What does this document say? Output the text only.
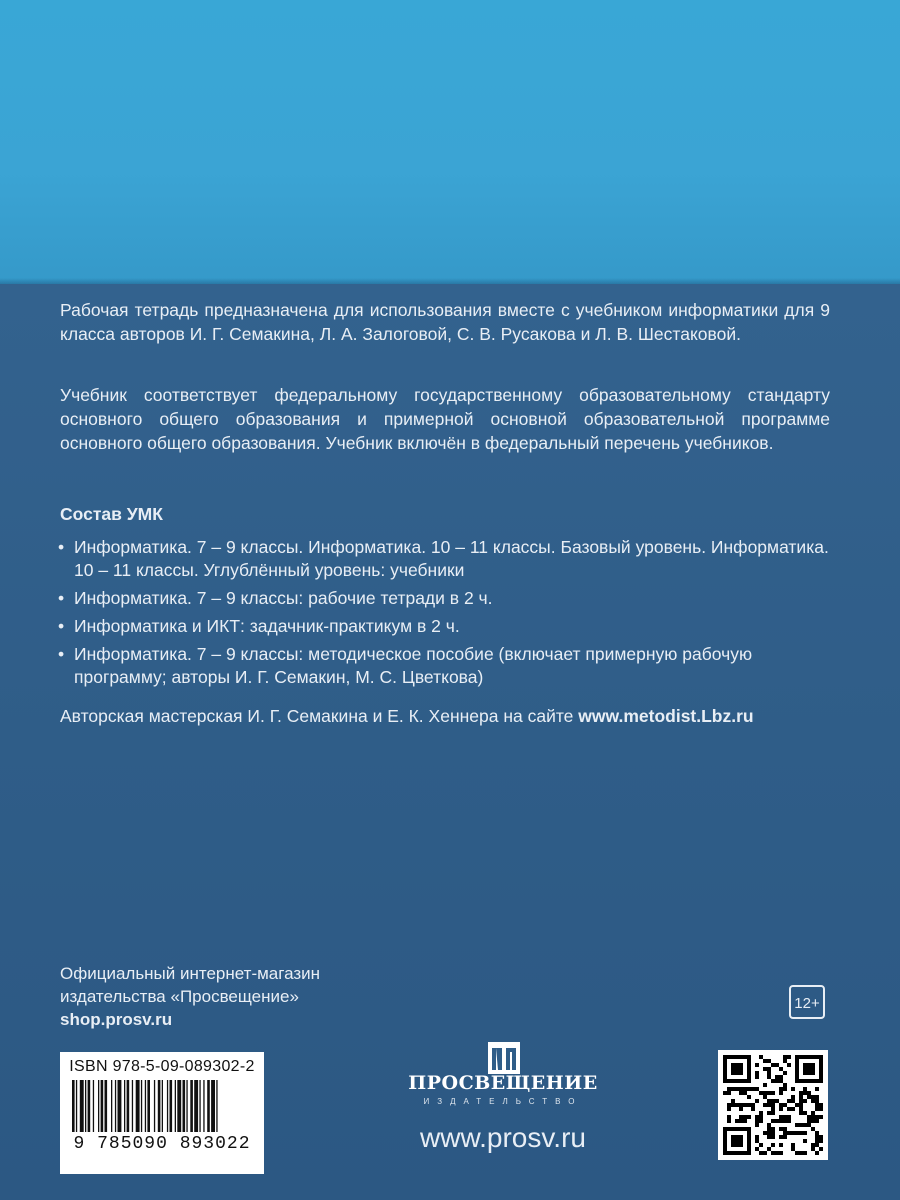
Рабочая тетрадь предназначена для использования вместе с учебником информатики для 9 класса авторов И. Г. Семакина, Л. А. Залоговой, С. В. Русакова и Л. В. Шестаковой.

Учебник соответствует федеральному государственному образовательному стандарту основного общего образования и примерной основной образовательной программе основного общего образования. Учебник включён в федеральный перечень учебников.

Состав УМК
• Информатика. 7 – 9 классы. Информатика. 10 – 11 классы. Базовый уровень. Информатика. 10 – 11 классы. Углублённый уровень: учебники
• Информатика. 7 – 9 классы: рабочие тетради в 2 ч.
• Информатика и ИКТ: задачник-практикум в 2 ч.
• Информатика. 7 – 9 классы: методическое пособие (включает примерную рабочую программу; авторы И. Г. Семакин, М. С. Цветкова)
Авторская мастерская И. Г. Семакина и Е. К. Хеннера на сайте www.metodist.Lbz.ru
Официальный интернет-магазин
издательства «Просвещение»
shop.prosv.ru
12+
ISBN 978-5-09-089302-2
9 785090 893022
ПРОСВЕЩЕНИЕ
ИЗДАТЕЛЬСТВО
www.prosv.ru
